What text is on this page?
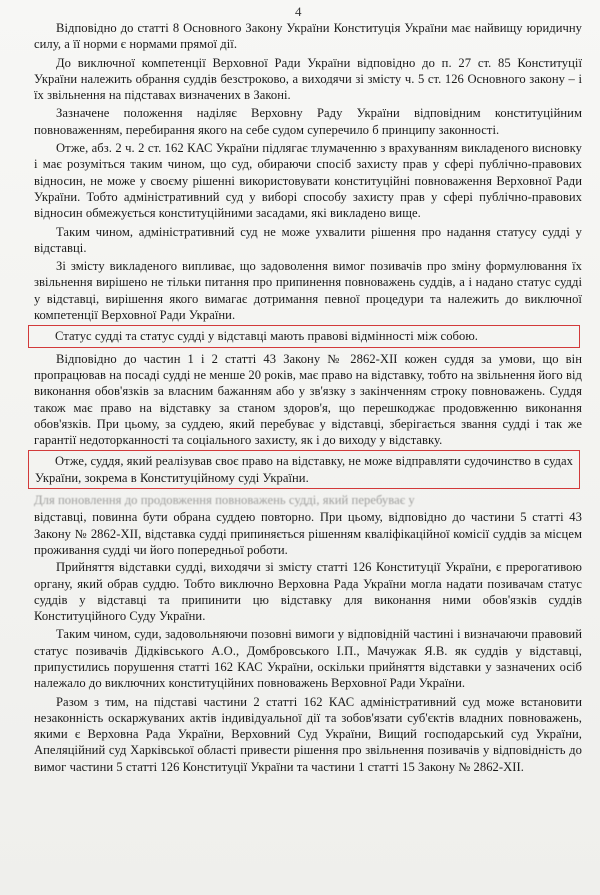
4

Відповідно до статті 8 Основного Закону України Конституція України має найвищу юридичну силу, а її норми є нормами прямої дії.

До виключної компетенції Верховної Ради України відповідно до п. 27 ст. 85 Конституції України належить обрання суддів безстроково, а виходячи зі змісту ч. 5 ст. 126 Основного закону – і їх звільнення на підставах визначених в Законі.

Зазначене положення наділяє Верховну Раду України відповідним конституційним повноваженням, перебирання якого на себе судом суперечило б принципу законності.

Отже, абз. 2 ч. 2 ст. 162 КАС України підлягає тлумаченню з врахуванням викладеного висновку і має розуміться таким чином, що суд, обираючи спосіб захисту прав у сфері публічно-правових відносин, не може у своєму рішенні використовувати конституційні повноваження Верховної Ради України. Тобто адміністративний суд у виборі способу захисту прав у сфері публічно-правових відносин обмежується конституційними засадами, які викладено вище.

Таким чином, адміністративний суд не може ухвалити рішення про надання статусу судді у відставці.

Зі змісту викладеного випливає, що задоволення вимог позивачів про зміну формулювання їх звільнення вирішено не тільки питання про припинення повноважень суддів, а і надано статус судді у відставці, вирішення якого вимагає дотримання певної процедури та належить до виключної компетенції Верховної Ради України.

Статус судді та статус судді у відставці мають правові відмінності між собою.

Відповідно до частин 1 і 2 статті 43 Закону № 2862-XII кожен суддя за умови, що він пропрацював на посаді судді не менше 20 років, має право на відставку, тобто на звільнення його від виконання обов'язків за власним бажанням або у зв'язку з закінченням строку повноважень. Суддя також має право на відставку за станом здоров'я, що перешкоджає продовженню виконання обов'язків. При цьому, за суддею, який перебуває у відставці, зберігається звання судді і так же гарантії недоторканності та соціального захисту, як і до виходу у відставку.

Отже, суддя, який реалізував своє право на відставку, не може відправляти судочинство в судах України, зокрема в Конституційному суді України.

Для поновлення до продовження повноважень судді, який перебуває у

відставці, повинна бути обрана суддею повторно. При цьому, відповідно до частини 5 статті 43 Закону № 2862-XII, відставка судді припиняється рішенням кваліфікаційної комісії суддів за місцем проживання судді чи його попередньої роботи.

Прийняття відставки судді, виходячи зі змісту статті 126 Конституції України, є прерогативою органу, який обрав суддю. Тобто виключно Верховна Рада України могла надати позивачам статус суддів у відставці та припинити цю відставку для виконання ними обов'язків суддів Конституційного Суду України.

Таким чином, суди, задовольняючи позовні вимоги у відповідній частині і визначаючи правовий статус позивачів Дідківського А.О., Домбровського І.П., Мачужак Я.В. як суддів у відставці, припустились порушення статті 162 КАС України, оскільки прийняття відставки у зазначених осіб належало до виключних конституційних повноважень Верховної Ради України.

Разом з тим, на підставі частини 2 статті 162 КАС адміністративний суд може встановити незаконність оскаржуваних актів індивідуальної дії та зобов'язати суб'єктів владних повноважень, якими є Верховна Рада України, Верховний Суд України, Вищий господарський суд України, Апеляційний суд Харківської області привести рішення про звільнення позивачів у відповідність до вимог частини 5 статті 126 Конституції України та частини 1 статті 15 Закону № 2862-XII.
